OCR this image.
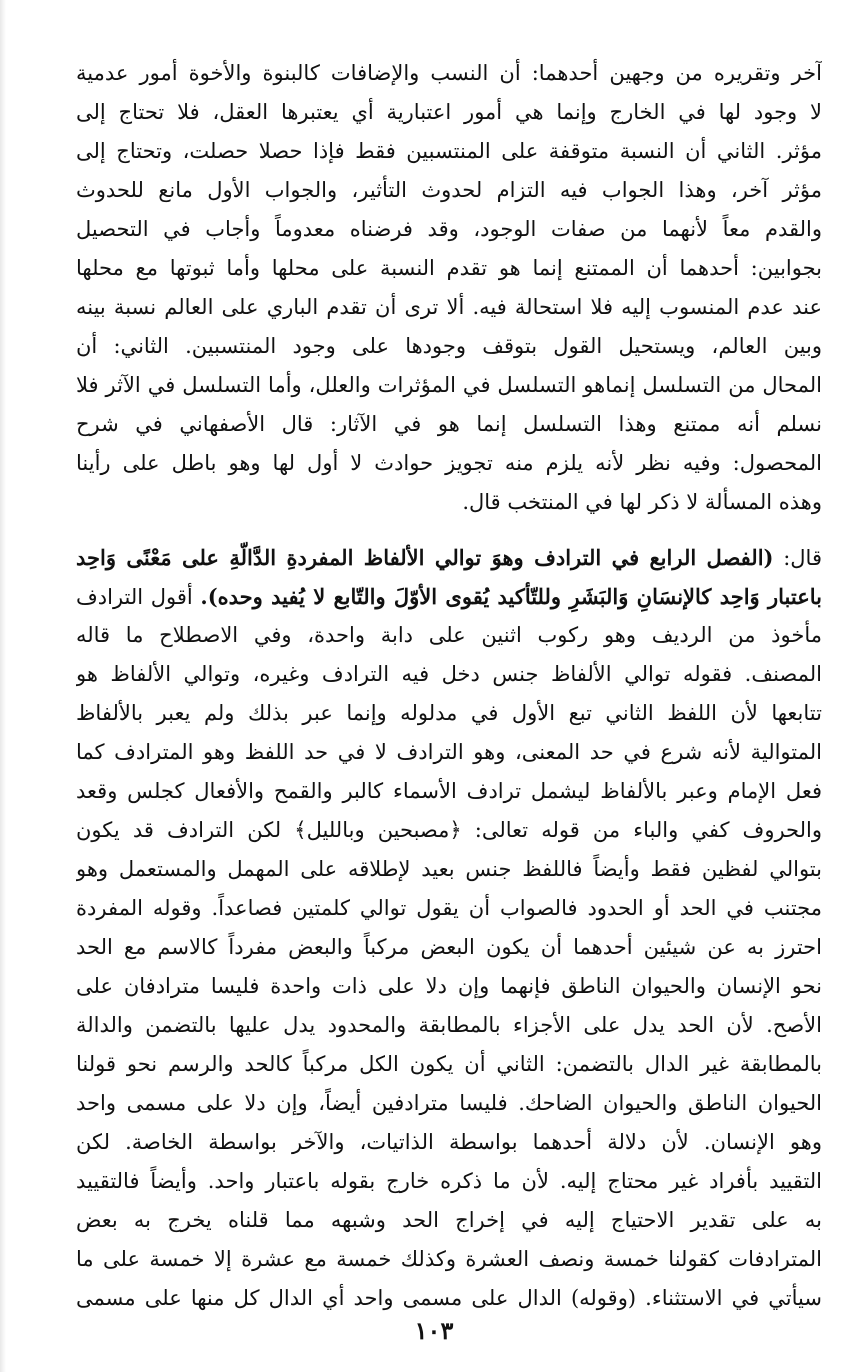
آخر وتقريره من وجهين أحدهما: أن النسب والإضافات كالبنوة والأخوة أمور عدمية
لا وجود لها في الخارج وإنما هي أمور اعتبارية أي يعتبرها العقل، فلا تحتاج إلى
مؤثر. الثاني أن النسبة متوقفة على المنتسبين فقط فإذا حصلا حصلت، وتحتاج إلى
مؤثر آخر، وهذا الجواب فيه التزام لحدوث التأثير، والجواب الأول مانع للحدوث
والقدم معاً لأنهما من صفات الوجود، وقد فرضناه معدوماً وأجاب في التحصيل
بجوابين: أحدهما أن الممتنع إنما هو تقدم النسبة على محلها وأما ثبوتها مع محلها
عند عدم المنسوب إليه فلا استحالة فيه. ألا ترى أن تقدم الباري على العالم نسبة بينه
وبين العالم، ويستحيل القول بتوقف وجودها على وجود المنتسبين. الثاني: أن
المحال من التسلسل إنماهو التسلسل في المؤثرات والعلل، وأما التسلسل في الآثر فلا
نسلم أنه ممتنع وهذا التسلسل إنما هو في الآثار: قال الأصفهاني في شرح
المحصول: وفيه نظر لأنه يلزم منه تجويز حوادث لا أول لها وهو باطل على رأينا
وهذه المسألة لا ذكر لها في المنتخب قال.
قال: (الفصل الرابع في الترادف وهوَ توالي الألفاظ المفردةِ الدَّالّةِ على مَعْنًى وَاحِد
باعتبار وَاحِد كالإنسَانِ وَالبَشَرِ وللتّأكيد يُقوى الأوّلَ والتّابع لا يُفيد وحده). أقول الترادف
مأخوذ من الرديف وهو ركوب اثنين على دابة واحدة، وفي الاصطلاح ما قاله
المصنف. فقوله توالي الألفاظ جنس دخل فيه الترادف وغيره، وتوالي الألفاظ هو
تتابعها لأن اللفظ الثاني تبع الأول في مدلوله وإنما عبر بذلك ولم يعبر بالألفاظ
المتوالية لأنه شرع في حد المعنى، وهو الترادف لا في حد اللفظ وهو المترادف كما
فعل الإمام وعبر بالألفاظ ليشمل ترادف الأسماء كالبر والقمح والأفعال كجلس وقعد
والحروف كفي والباء من قوله تعالى: ﴿مصبحين وبالليل﴾ لكن الترادف قد يكون
بتوالي لفظين فقط وأيضاً فاللفظ جنس بعيد لإطلاقه على المهمل والمستعمل وهو
مجتنب في الحد أو الحدود فالصواب أن يقول توالي كلمتين فصاعداً. وقوله المفردة
احترز به عن شيئين أحدهما أن يكون البعض مركباً والبعض مفرداً كالاسم مع الحد
نحو الإنسان والحيوان الناطق فإنهما وإن دلا على ذات واحدة فليسا مترادفان على
الأصح. لأن الحد يدل على الأجزاء بالمطابقة والمحدود يدل عليها بالتضمن والدالة
بالمطابقة غير الدال بالتضمن: الثاني أن يكون الكل مركباً كالحد والرسم نحو قولنا
الحيوان الناطق والحيوان الضاحك. فليسا مترادفين أيضاً، وإن دلا على مسمى واحد
وهو الإنسان. لأن دلالة أحدهما بواسطة الذاتيات، والآخر بواسطة الخاصة. لكن
التقييد بأفراد غير محتاج إليه. لأن ما ذكره خارج بقوله باعتبار واحد. وأيضاً فالتقييد
به على تقدير الاحتياج إليه في إخراج الحد وشبهه مما قلناه يخرج به بعض
المترادفات كقولنا خمسة ونصف العشرة وكذلك خمسة مع عشرة إلا خمسة على ما
سيأتي في الاستثناء. (وقوله) الدال على مسمى واحد أي الدال كل منها على مسمى
١٠٣
